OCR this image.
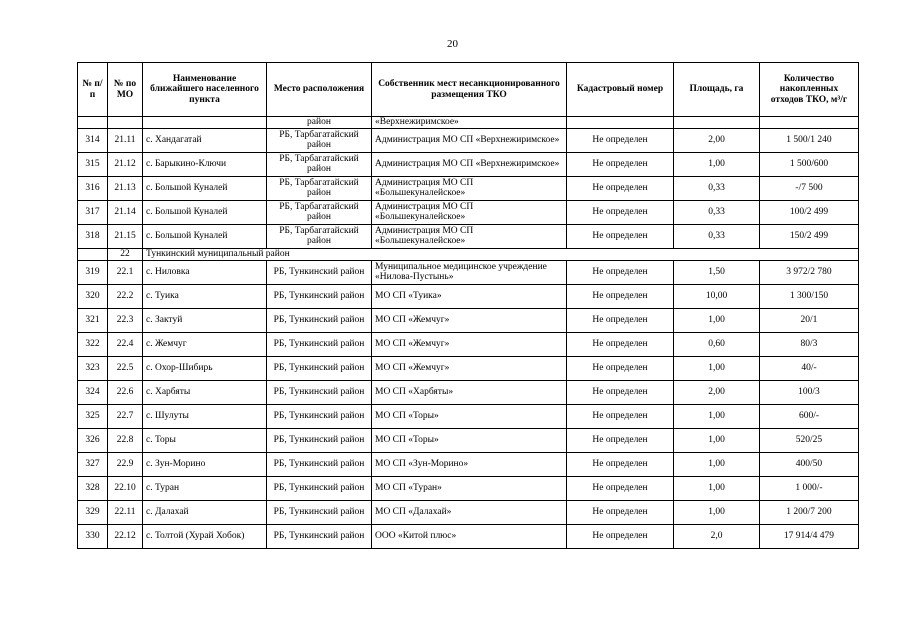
20
№ п/п	№ по МО	Наименование ближайшего населенного пункта	Место расположения	Собственник мест несанкционированного размещения ТКО	Кадастровый номер	Площадь, га	Количество накопленных отходов ТКО, м³/г
			район	«Верхнежиримское»			
314	21.11	с. Хандагатай	РБ, Тарбагатайский район	Администрация МО СП «Верхнежиримское»	Не определен	2,00	1 500/1 240
315	21.12	с. Барыкино-Ключи	РБ, Тарбагатайский район	Администрация МО СП «Верхнежиримское»	Не определен	1,00	1 500/600
316	21.13	с. Большой Куналей	РБ, Тарбагатайский район	Администрация МО СП «Большекуналейское»	Не определен	0,33	-/7 500
317	21.14	с. Большой Куналей	РБ, Тарбагатайский район	Администрация МО СП «Большекуналейское»	Не определен	0,33	100/2 499
318	21.15	с. Большой Куналей	РБ, Тарбагатайский район	Администрация МО СП «Большекуналейское»	Не определен	0,33	150/2 499
	22	Тункинский муниципальный район					
319	22.1	с. Ниловка	РБ, Тункинский район	Муниципальное медицинское учреждение «Нилова-Пустынь»	Не определен	1,50	3 972/2 780
320	22.2	с. Туика	РБ, Тункинский район	МО СП «Туика»	Не определен	10,00	1 300/150
321	22.3	с. Зактуй	РБ, Тункинский район	МО СП «Жемчуг»	Не определен	1,00	20/1
322	22.4	с. Жемчуг	РБ, Тункинский район	МО СП «Жемчуг»	Не определен	0,60	80/3
323	22.5	с. Охор-Шибирь	РБ, Тункинский район	МО СП «Жемчуг»	Не определен	1,00	40/-
324	22.6	с. Харбяты	РБ, Тункинский район	МО СП «Харбяты»	Не определен	2,00	100/3
325	22.7	с. Шулуты	РБ, Тункинский район	МО СП «Торы»	Не определен	1,00	600/-
326	22.8	с. Торы	РБ, Тункинский район	МО СП «Торы»	Не определен	1,00	520/25
327	22.9	с. Зун-Морино	РБ, Тункинский район	МО СП «Зун-Морино»	Не определен	1,00	400/50
328	22.10	с. Туран	РБ, Тункинский район	МО СП «Туран»	Не определен	1,00	1 000/-
329	22.11	с. Далахай	РБ, Тункинский район	МО СП «Далахай»	Не определен	1,00	1 200/7 200
330	22.12	с. Толтой (Хурай Хобок)	РБ, Тункинский район	ООО «Китой плюс»	Не определен	2,0	17 914/4 479
